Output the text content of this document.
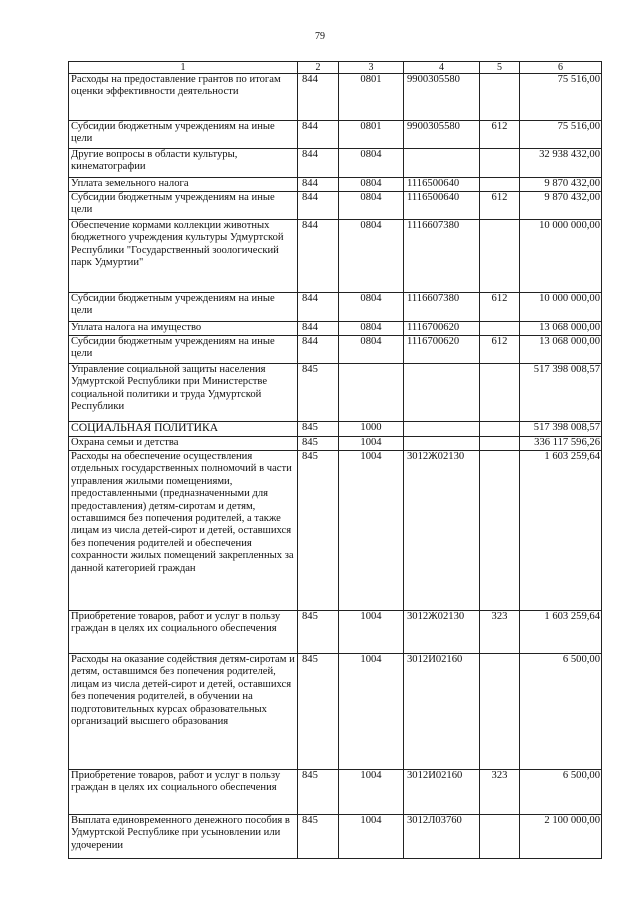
79
1	2	3	4	5	6
Расходы на предоставление грантов по итогам оценки эффективности деятельности	844	0801	9900305580		75 516,00
Субсидии бюджетным учреждениям на иные цели	844	0801	9900305580	612	75 516,00
Другие вопросы в области культуры, кинематографии	844	0804			32 938 432,00
Уплата земельного налога	844	0804	1116500640		9 870 432,00
Субсидии бюджетным учреждениям на иные цели	844	0804	1116500640	612	9 870 432,00
Обеспечение кормами коллекции животных бюджетного учреждения культуры Удмуртской Республики "Государственный зоологический парк Удмуртии"	844	0804	1116607380		10 000 000,00
Субсидии бюджетным учреждениям на иные цели	844	0804	1116607380	612	10 000 000,00
Уплата налога на имущество	844	0804	1116700620		13 068 000,00
Субсидии бюджетным учреждениям на иные цели	844	0804	1116700620	612	13 068 000,00
Управление социальной защиты населения Удмуртской Республики при Министерстве социальной политики и труда Удмуртской Республики	845				517 398 008,57
СОЦИАЛЬНАЯ ПОЛИТИКА	845	1000			517 398 008,57
Охрана семьи и детства	845	1004			336 117 596,26
Расходы на обеспечение осуществления отдельных государственных полномочий в части управления жилыми помещениями, предоставленными (предназначенными для предоставления) детям-сиротам и детям, оставшимся без попечения родителей, а также лицам из числа детей-сирот и детей, оставшихся без попечения родителей и обеспечения сохранности жилых помещений закрепленных за данной категорией граждан	845	1004	3012Ж02130		1 603 259,64
Приобретение товаров, работ и услуг в пользу граждан в целях их социального обеспечения	845	1004	3012Ж02130	323	1 603 259,64
Расходы на оказание содействия детям-сиротам и детям, оставшимся без попечения родителей, лицам из числа детей-сирот и детей, оставшихся без попечения родителей, в обучении на подготовительных курсах образовательных организаций высшего образования	845	1004	3012И02160		6 500,00
Приобретение товаров, работ и услуг в пользу граждан в целях их социального обеспечения	845	1004	3012И02160	323	6 500,00
Выплата единовременного денежного пособия в Удмуртской Республике при усыновлении или удочерении	845	1004	3012Л03760		2 100 000,00
